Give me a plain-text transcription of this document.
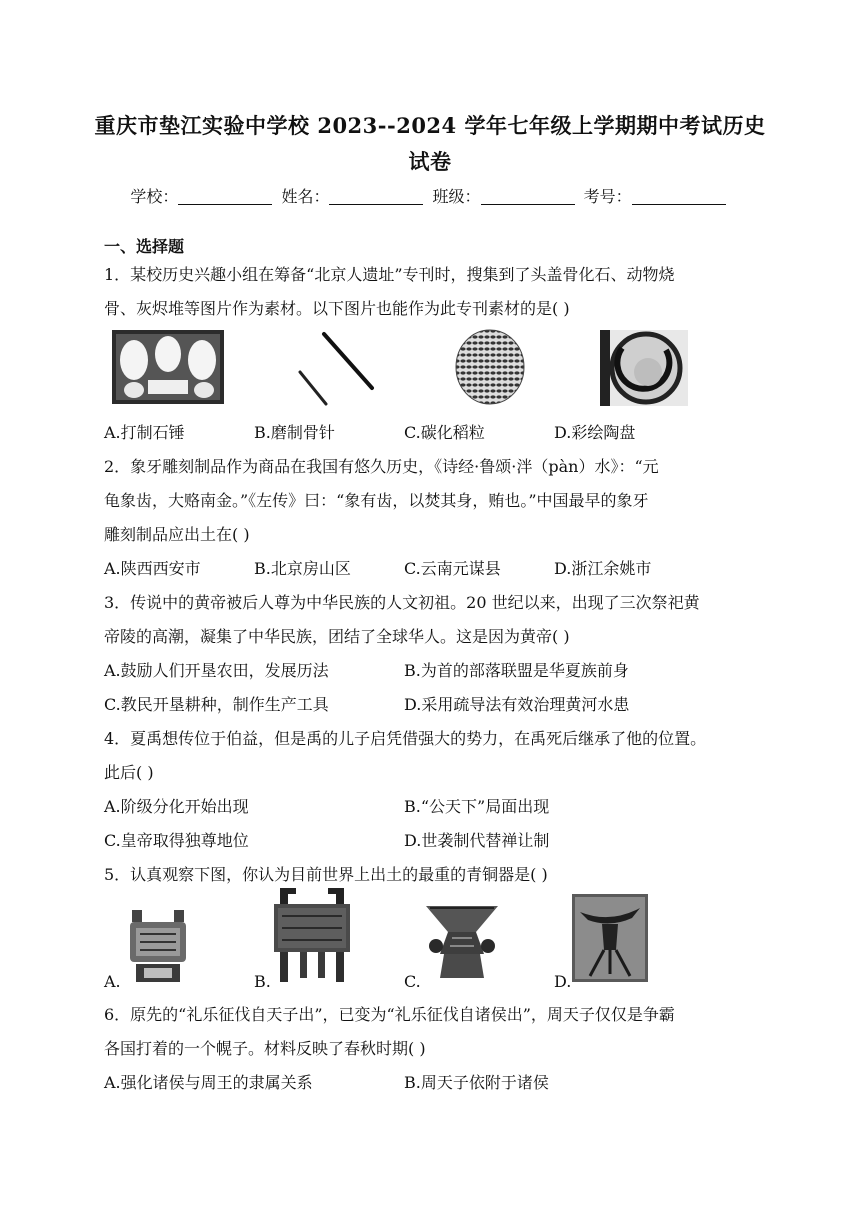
重庆市垫江实验中学校 2023--2024 学年七年级上学期期中考试历史
试卷
学校：	姓名：	班级：	考号：
一、选择题
1．某校历史兴趣小组在筹备“北京人遗址”专刊时，搜集到了头盖骨化石、动物烧
骨、灰烬堆等图片作为素材。以下图片也能作为此专刊素材的是( )
A.打制石锤	B.磨制骨针	C.碳化稻粒	D.彩绘陶盘
2．象牙雕刻制品作为商品在我国有悠久历史，《诗经·鲁颂·泮（pàn）水》：“元
龟象齿，大赂南金。”《左传》曰：“象有齿，以焚其身，贿也。”中国最早的象牙
雕刻制品应出土在( )
A.陕西西安市	B.北京房山区	C.云南元谋县	D.浙江余姚市
3．传说中的黄帝被后人尊为中华民族的人文初祖。20 世纪以来，出现了三次祭祀黄
帝陵的高潮，凝集了中华民族，团结了全球华人。这是因为黄帝( )
A.鼓励人们开垦农田，发展历法	B.为首的部落联盟是华夏族前身
C.教民开垦耕种，制作生产工具	D.采用疏导法有效治理黄河水患
4．夏禹想传位于伯益，但是禹的儿子启凭借强大的势力，在禹死后继承了他的位置。
此后( )
A.阶级分化开始出现	B.“公天下”局面出现
C.皇帝取得独尊地位	D.世袭制代替禅让制
5．认真观察下图，你认为目前世界上出土的最重的青铜器是( )
A.	B.	C.	D.
6．原先的“礼乐征伐自天子出”，已变为“礼乐征伐自诸侯出”，周天子仅仅是争霸
各国打着的一个幌子。材料反映了春秋时期( )
A.强化诸侯与周王的隶属关系	B.周天子依附于诸侯
